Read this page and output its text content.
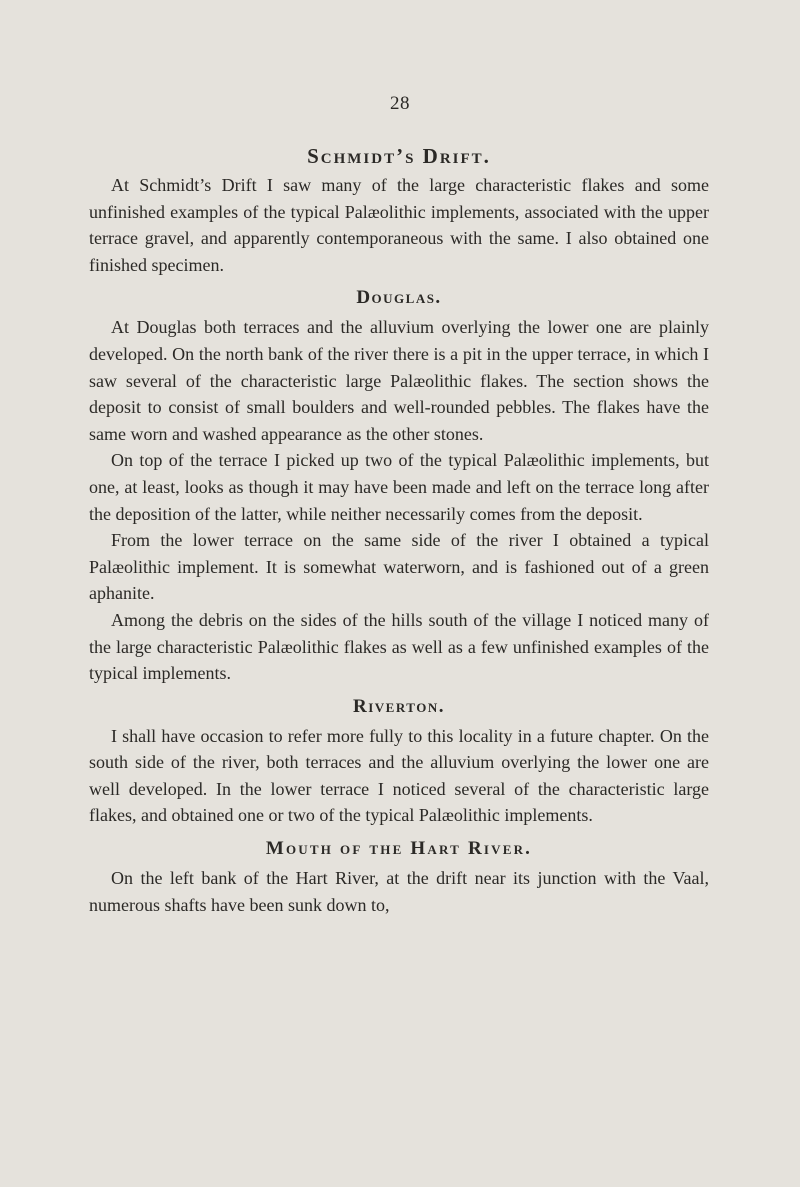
28
Schmidt’s Drift.

At Schmidt’s Drift I saw many of the large characteristic flakes and some unfinished examples of the typical Palæolithic implements, associated with the upper terrace gravel, and apparently contemporaneous with the same. I also obtained one finished specimen.

Douglas.

At Douglas both terraces and the alluvium overlying the lower one are plainly developed. On the north bank of the river there is a pit in the upper terrace, in which I saw several of the characteristic large Palæolithic flakes. The section shows the deposit to consist of small boulders and well-rounded pebbles. The flakes have the same worn and washed appearance as the other stones.

On top of the terrace I picked up two of the typical Palæolithic implements, but one, at least, looks as though it may have been made and left on the terrace long after the deposition of the latter, while neither necessarily comes from the deposit.

From the lower terrace on the same side of the river I obtained a typical Palæolithic implement. It is somewhat waterworn, and is fashioned out of a green aphanite.

Among the debris on the sides of the hills south of the village I noticed many of the large characteristic Palæolithic flakes as well as a few unfinished examples of the typical implements.

Riverton.

I shall have occasion to refer more fully to this locality in a future chapter. On the south side of the river, both terraces and the alluvium overlying the lower one are well developed. In the lower terrace I noticed several of the characteristic large flakes, and obtained one or two of the typical Palæolithic implements.

Mouth of the Hart River.

On the left bank of the Hart River, at the drift near its junction with the Vaal, numerous shafts have been sunk down to,
